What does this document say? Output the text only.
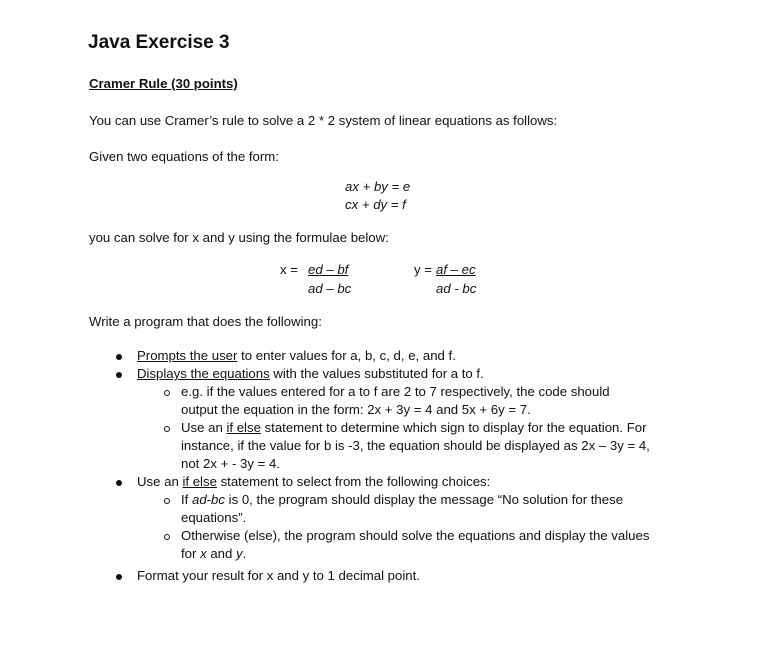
Java Exercise 3
Cramer Rule (30 points)
You can use Cramer’s rule to solve a 2 * 2 system of linear equations as follows:
Given two equations of the form:
ax + by = e
cx + dy = f
you can solve for x and y using the formulae below:
x = ed – bf
ad – bc
y = af – ec
ad - bc
Write a program that does the following:
Prompts the user to enter values for a, b, c, d, e, and f.
Displays the equations with the values substituted for a to f.
e.g. if the values entered for a to f are 2 to 7 respectively, the code should
output the equation in the form: 2x + 3y = 4 and 5x + 6y = 7.
Use an if else statement to determine which sign to display for the equation. For
instance, if the value for b is -3, the equation should be displayed as 2x – 3y = 4,
not 2x + - 3y = 4.
Use an if else statement to select from the following choices:
If ad-bc is 0, the program should display the message “No solution for these
equations”.
Otherwise (else), the program should solve the equations and display the values
for x and y.
Format your result for x and y to 1 decimal point.
